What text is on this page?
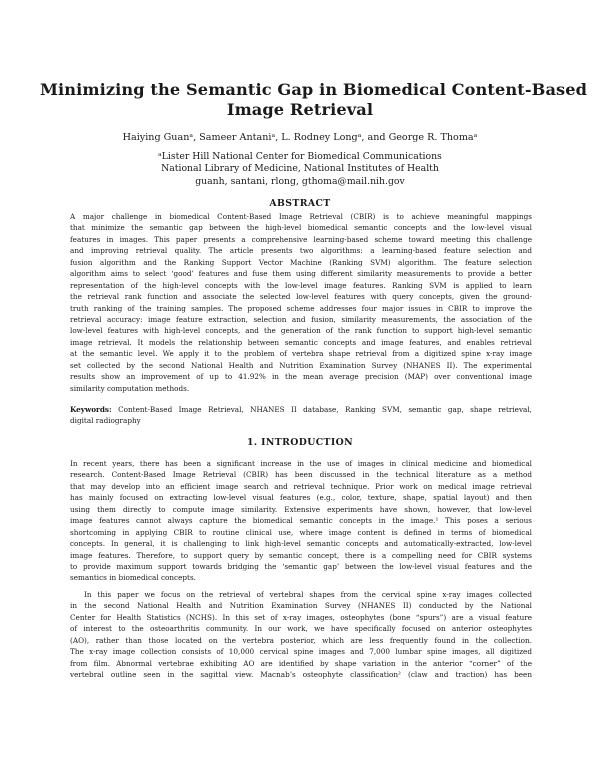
Minimizing the Semantic Gap in Biomedical Content-Based
Image Retrieval
Haiying Guanᵃ, Sameer Antaniᵃ, L. Rodney Longᵃ, and George R. Thomaᵃ
ᵃLister Hill National Center for Biomedical Communications
National Library of Medicine, National Institutes of Health
guanh, santani, rlong, gthoma@mail.nih.gov
ABSTRACT
A major challenge in biomedical Content-Based Image Retrieval (CBIR) is to achieve meaningful mappings
that minimize the semantic gap between the high-level biomedical semantic concepts and the low-level visual
features in images. This paper presents a comprehensive learning-based scheme toward meeting this challenge
and improving retrieval quality. The article presents two algorithms: a learning-based feature selection and
fusion algorithm and the Ranking Support Vector Machine (Ranking SVM) algorithm. The feature selection
algorithm aims to select ‘good’ features and fuse them using different similarity measurements to provide a better
representation of the high-level concepts with the low-level image features. Ranking SVM is applied to learn
the retrieval rank function and associate the selected low-level features with query concepts, given the ground-
truth ranking of the training samples. The proposed scheme addresses four major issues in CBIR to improve the
retrieval accuracy: image feature extraction, selection and fusion, similarity measurements, the association of the
low-level features with high-level concepts, and the generation of the rank function to support high-level semantic
image retrieval. It models the relationship between semantic concepts and image features, and enables retrieval
at the semantic level. We apply it to the problem of vertebra shape retrieval from a digitized spine x-ray image
set collected by the second National Health and Nutrition Examination Survey (NHANES II). The experimental
results show an improvement of up to 41.92% in the mean average precision (MAP) over conventional image
similarity computation methods.
Keywords: Content-Based Image Retrieval, NHANES II database, Ranking SVM, semantic gap, shape retrieval,
digital radiography
1. INTRODUCTION
In recent years, there has been a significant increase in the use of images in clinical medicine and biomedical
research. Content-Based Image Retrieval (CBIR) has been discussed in the technical literature as a method
that may develop into an efficient image search and retrieval technique. Prior work on medical image retrieval
has mainly focused on extracting low-level visual features (e.g., color, texture, shape, spatial layout) and then
using them directly to compute image similarity. Extensive experiments have shown, however, that low-level
image features cannot always capture the biomedical semantic concepts in the image.¹ This poses a serious
shortcoming in applying CBIR to routine clinical use, where image content is defined in terms of biomedical
concepts. In general, it is challenging to link high-level semantic concepts and automatically-extracted, low-level
image features. Therefore, to support query by semantic concept, there is a compelling need for CBIR systems
to provide maximum support towards bridging the ‘semantic gap’ between the low-level visual features and the
semantics in biomedical concepts.
In this paper we focus on the retrieval of vertebral shapes from the cervical spine x-ray images collected
in the second National Health and Nutrition Examination Survey (NHANES II) conducted by the National
Center for Health Statistics (NCHS). In this set of x-ray images, osteophytes (bone “spurs”) are a visual feature
of interest to the osteoarthritis community. In our work, we have specifically focused on anterior osteophytes
(AO), rather than those located on the vertebra posterior, which are less frequently found in the collection.
The x-ray image collection consists of 10,000 cervical spine images and 7,000 lumbar spine images, all digitized
from film. Abnormal vertebrae exhibiting AO are identified by shape variation in the anterior “corner” of the
vertebral outline seen in the sagittal view. Macnab’s osteophyte classification² (claw and traction) has been
